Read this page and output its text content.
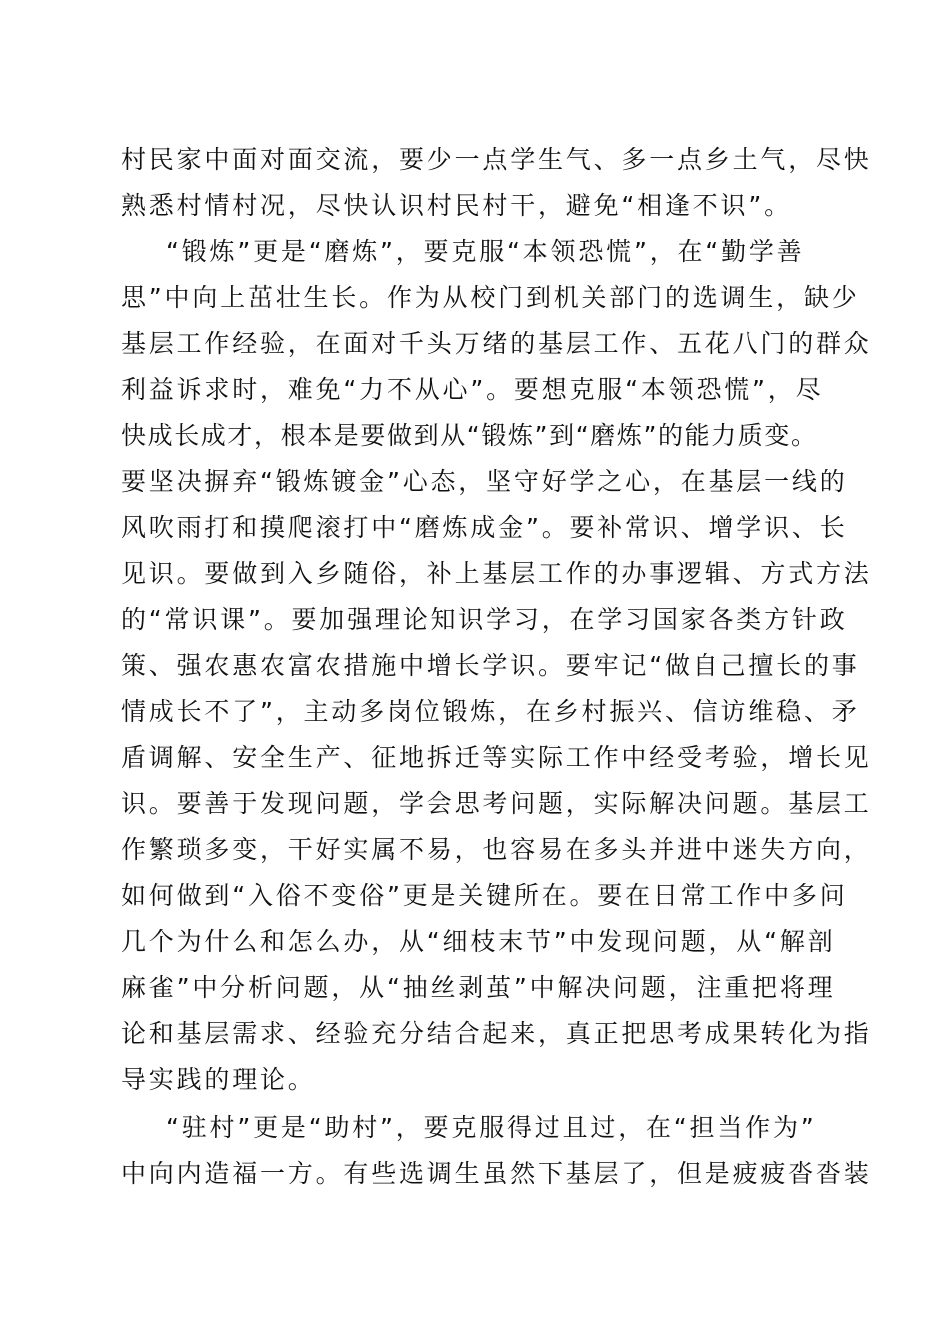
村民家中面对面交流，要少一点学生气、多一点乡土气，尽快
熟悉村情村况，尽快认识村民村干，避免“相逢不识”。
“锻炼”更是“磨炼”，要克服“本领恐慌”，在“勤学善
思”中向上茁壮生长。作为从校门到机关部门的选调生，缺少
基层工作经验，在面对千头万绪的基层工作、五花八门的群众
利益诉求时，难免“力不从心”。要想克服“本领恐慌”，尽
快成长成才，根本是要做到从“锻炼”到“磨炼”的能力质变。
要坚决摒弃“锻炼镀金”心态，坚守好学之心，在基层一线的
风吹雨打和摸爬滚打中“磨炼成金”。要补常识、增学识、长
见识。要做到入乡随俗，补上基层工作的办事逻辑、方式方法
的“常识课”。要加强理论知识学习，在学习国家各类方针政
策、强农惠农富农措施中增长学识。要牢记“做自己擅长的事
情成长不了”，主动多岗位锻炼，在乡村振兴、信访维稳、矛
盾调解、安全生产、征地拆迁等实际工作中经受考验，增长见
识。要善于发现问题，学会思考问题，实际解决问题。基层工
作繁琐多变，干好实属不易，也容易在多头并进中迷失方向，
如何做到“入俗不变俗”更是关键所在。要在日常工作中多问
几个为什么和怎么办，从“细枝末节”中发现问题，从“解剖
麻雀”中分析问题，从“抽丝剥茧”中解决问题，注重把将理
论和基层需求、经验充分结合起来，真正把思考成果转化为指
导实践的理论。
“驻村”更是“助村”，要克服得过且过，在“担当作为”
中向内造福一方。有些选调生虽然下基层了，但是疲疲沓沓装
